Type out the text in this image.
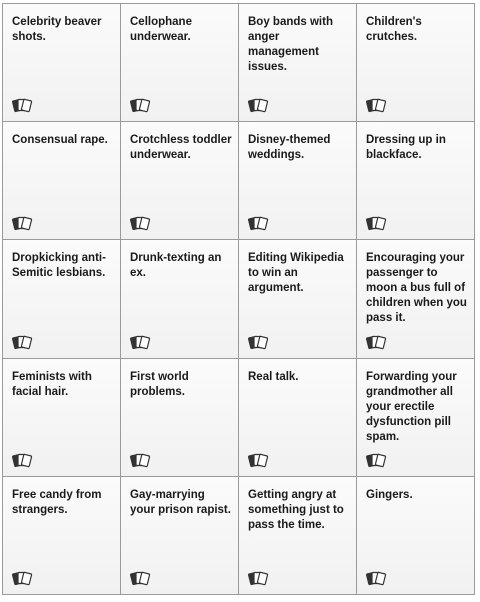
Celebrity beaver shots.
Cellophane underwear.
Boy bands with anger management issues.
Children's crutches.
Consensual rape.	Crotchless toddler underwear.
Disney-themed weddings.
Dressing up in blackface.
Dropkicking anti-Semitic lesbians.
Drunk-texting an ex.
Editing Wikipedia to win an argument.
Encouraging your passenger to moon a bus full of children when you pass it.
Feminists with facial hair.
First world problems.
Real talk.	Forwarding your grandmother all your erectile dysfunction pill spam.
Free candy from strangers.
Gay-marrying your prison rapist.
Getting angry at something just to pass the time.
Gingers.
